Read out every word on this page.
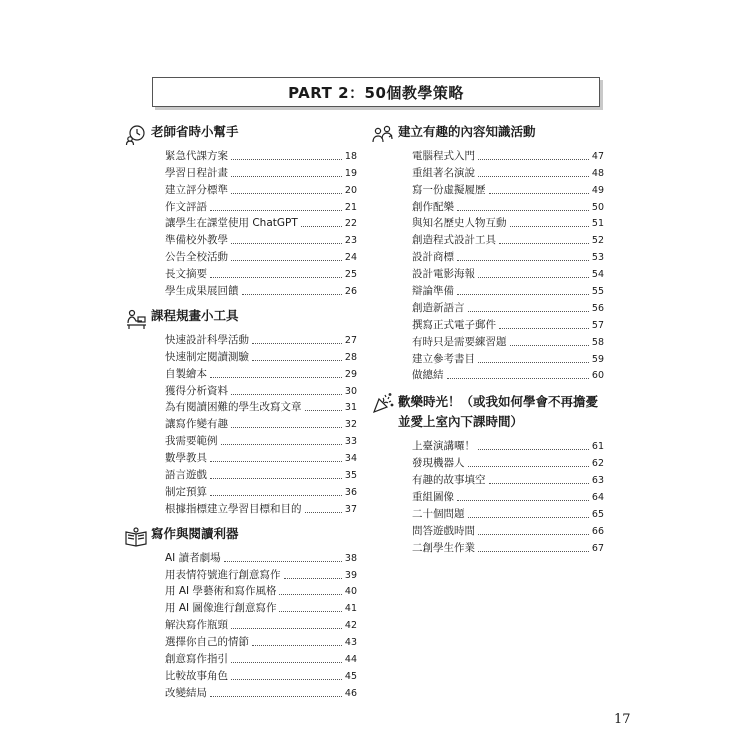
PART 2：50個教學策略
老師省時小幫手
緊急代課方案	18
學習日程計畫	19
建立評分標準	20
作文評語	21
讓學生在課堂使用 ChatGPT	22
準備校外教學	23
公告全校活動	24
長文摘要	25
學生成果展回饋	26
課程規畫小工具
快速設計科學活動	27
快速制定閱讀測驗	28
自製繪本	29
獲得分析資料	30
為有閱讀困難的學生改寫文章	31
讓寫作變有趣	32
我需要範例	33
數學教具	34
語言遊戲	35
制定預算	36
根據指標建立學習目標和目的	37
寫作與閱讀利器
AI 讀者劇場	38
用表情符號進行創意寫作	39
用 AI 學藝術和寫作風格	40
用 AI 圖像進行創意寫作	41
解決寫作瓶頸	42
選擇你自己的情節	43
創意寫作指引	44
比較故事角色	45
改變結局	46
建立有趣的內容知識活動
電腦程式入門	47
重組著名演說	48
寫一份虛擬履歷	49
創作配樂	50
與知名歷史人物互動	51
創造程式設計工具	52
設計商標	53
設計電影海報	54
辯論準備	55
創造新語言	56
撰寫正式電子郵件	57
有時只是需要練習題	58
建立參考書目	59
做總結	60
歡樂時光！（或我如何學會不再擔憂
並愛上室內下課時間）
上臺演講囉！	61
發現機器人	62
有趣的故事填空	63
重組圖像	64
二十個問題	65
問答遊戲時間	66
二創學生作業	67
17
